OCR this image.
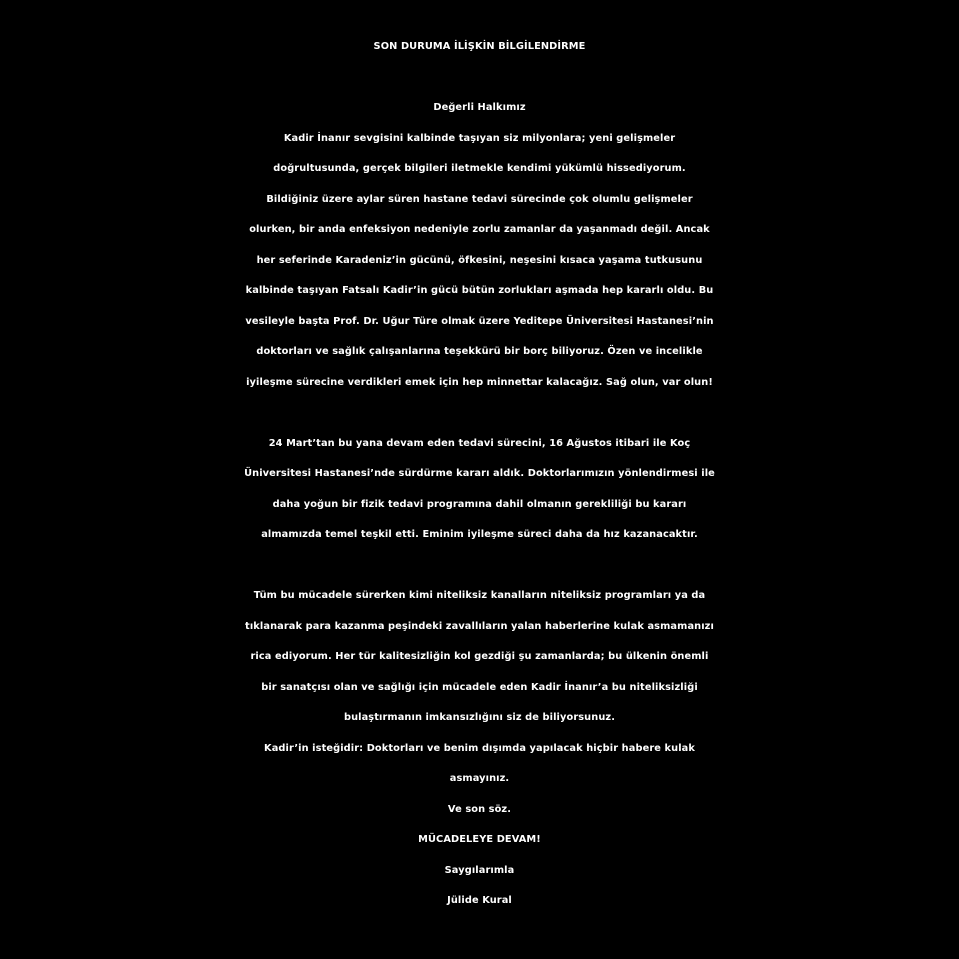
SON DURUMA İLİŞKİN BİLGİLENDİRME
Değerli Halkımız
Kadir İnanır sevgisini kalbinde taşıyan siz milyonlara; yeni gelişmeler
doğrultusunda, gerçek bilgileri iletmekle kendimi yükümlü hissediyorum.
Bildiğiniz üzere aylar süren hastane tedavi sürecinde çok olumlu gelişmeler
olurken, bir anda enfeksiyon nedeniyle zorlu zamanlar da yaşanmadı değil. Ancak
her seferinde Karadeniz’in gücünü, öfkesini, neşesini kısaca yaşama tutkusunu
kalbinde taşıyan Fatsalı Kadir’in gücü bütün zorlukları aşmada hep kararlı oldu. Bu
vesileyle başta Prof. Dr. Uğur Türe olmak üzere Yeditepe Üniversitesi Hastanesi’nin
doktorları ve sağlık çalışanlarına teşekkürü bir borç biliyoruz. Özen ve incelikle
iyileşme sürecine verdikleri emek için hep minnettar kalacağız. Sağ olun, var olun!
24 Mart’tan bu yana devam eden tedavi sürecini, 16 Ağustos itibari ile Koç
Üniversitesi Hastanesi’nde sürdürme kararı aldık. Doktorlarımızın yönlendirmesi ile
daha yoğun bir fizik tedavi programına dahil olmanın gerekliliği bu kararı
almamızda temel teşkil etti. Eminim iyileşme süreci daha da hız kazanacaktır.
Tüm bu mücadele sürerken kimi niteliksiz kanalların niteliksiz programları ya da
tıklanarak para kazanma peşindeki zavallıların yalan haberlerine kulak asmamanızı
rica ediyorum. Her tür kalitesizliğin kol gezdiği şu zamanlarda; bu ülkenin önemli
bir sanatçısı olan ve sağlığı için mücadele eden Kadir İnanır’a bu niteliksizliği
bulaştırmanın imkansızlığını siz de biliyorsunuz.
Kadir’in isteğidir: Doktorları ve benim dışımda yapılacak hiçbir habere kulak
asmayınız.
Ve son söz.
MÜCADELEYE DEVAM!
Saygılarımla
Jülide Kural
